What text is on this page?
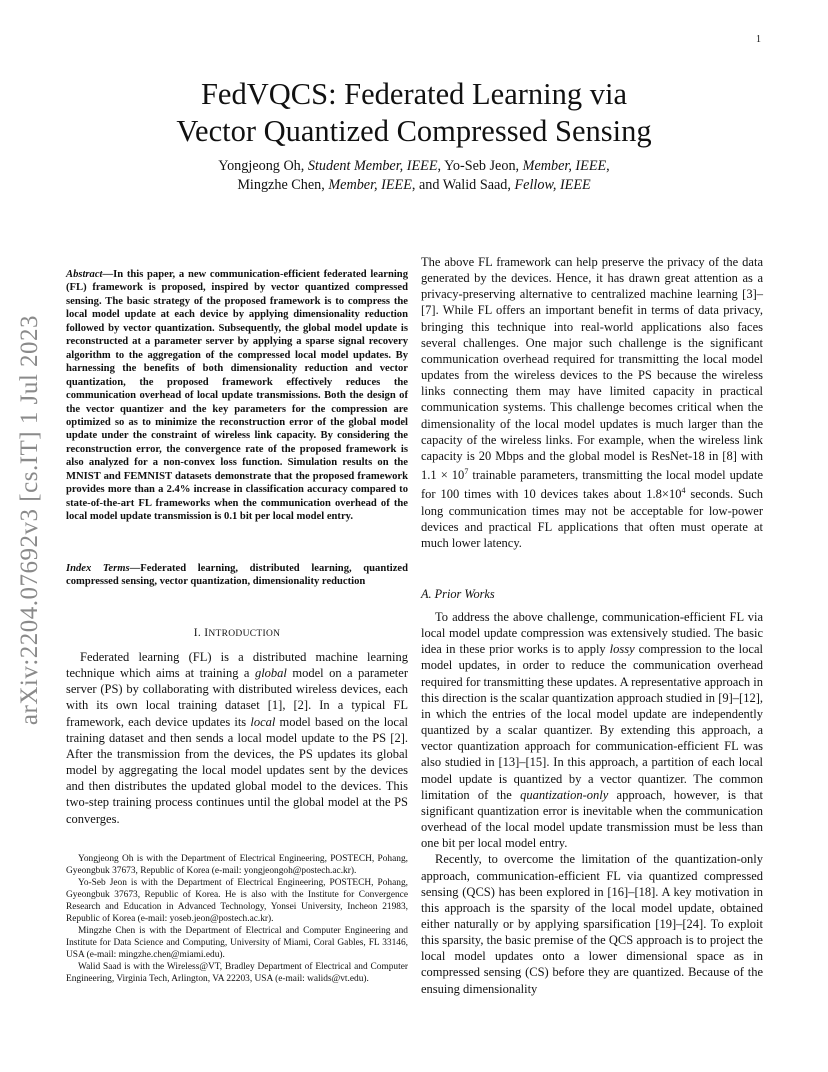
1
arXiv:2204.07692v3 [cs.IT] 1 Jul 2023
FedVQCS: Federated Learning via
Vector Quantized Compressed Sensing
Yongjeong Oh, Student Member, IEEE, Yo-Seb Jeon, Member, IEEE,
Mingzhe Chen, Member, IEEE, and Walid Saad, Fellow, IEEE
Abstract—In this paper, a new communication-efficient federated learning (FL) framework is proposed, inspired by vector quantized compressed sensing. The basic strategy of the proposed framework is to compress the local model update at each device by applying dimensionality reduction followed by vector quantization. Subsequently, the global model update is reconstructed at a parameter server by applying a sparse signal recovery algorithm to the aggregation of the compressed local model updates. By harnessing the benefits of both dimensionality reduction and vector quantization, the proposed framework effectively reduces the communication overhead of local update transmissions. Both the design of the vector quantizer and the key parameters for the compression are optimized so as to minimize the reconstruction error of the global model update under the constraint of wireless link capacity. By considering the reconstruction error, the convergence rate of the proposed framework is also analyzed for a non-convex loss function. Simulation results on the MNIST and FEMNIST datasets demonstrate that the proposed framework provides more than a 2.4% increase in classification accuracy compared to state-of-the-art FL frameworks when the communication overhead of the local model update transmission is 0.1 bit per local model entry.
Index Terms—Federated learning, distributed learning, quantized compressed sensing, vector quantization, dimensionality reduction
I. INTRODUCTION
Federated learning (FL) is a distributed machine learning technique which aims at training a global model on a parameter server (PS) by collaborating with distributed wireless devices, each with its own local training dataset [1], [2]. In a typical FL framework, each device updates its local model based on the local training dataset and then sends a local model update to the PS [2]. After the transmission from the devices, the PS updates its global model by aggregating the local model updates sent by the devices and then distributes the updated global model to the devices. This two-step training process continues until the global model at the PS converges.

Yongjeong Oh is with the Department of Electrical Engineering, POSTECH, Pohang, Gyeongbuk 37673, Republic of Korea (e-mail: yongjeongoh@postech.ac.kr).

Yo-Seb Jeon is with the Department of Electrical Engineering, POSTECH, Pohang, Gyeongbuk 37673, Republic of Korea. He is also with the Institute for Convergence Research and Education in Advanced Technology, Yonsei University, Incheon 21983, Republic of Korea (e-mail: yoseb.jeon@postech.ac.kr).

Mingzhe Chen is with the Department of Electrical and Computer Engineering and Institute for Data Science and Computing, University of Miami, Coral Gables, FL 33146, USA (e-mail: mingzhe.chen@miami.edu).

Walid Saad is with the Wireless@VT, Bradley Department of Electrical and Computer Engineering, Virginia Tech, Arlington, VA 22203, USA (e-mail: walids@vt.edu).

The above FL framework can help preserve the privacy of the data generated by the devices. Hence, it has drawn great attention as a privacy-preserving alternative to centralized machine learning [3]–[7]. While FL offers an important benefit in terms of data privacy, bringing this technique into real-world applications also faces several challenges. One major such challenge is the significant communication overhead required for transmitting the local model updates from the wireless devices to the PS because the wireless links connecting them may have limited capacity in practical communication systems. This challenge becomes critical when the dimensionality of the local model updates is much larger than the capacity of the wireless links. For example, when the wireless link capacity is 20 Mbps and the global model is ResNet-18 in [8] with $1.1 \times 10^7$ trainable parameters, transmitting the local model update for 100 times with 10 devices takes about $1.8\times 10^4$ seconds. Such long communication times may not be acceptable for low-power devices and practical FL applications that often must operate at much lower latency.

A. Prior Works

To address the above challenge, communication-efficient FL via local model update compression was extensively studied. The basic idea in these prior works is to apply lossy compression to the local model updates, in order to reduce the communication overhead required for transmitting these updates. A representative approach in this direction is the scalar quantization approach studied in [9]–[12], in which the entries of the local model update are independently quantized by a scalar quantizer. By extending this approach, a vector quantization approach for communication-efficient FL was also studied in [13]–[15]. In this approach, a partition of each local model update is quantized by a vector quantizer. The common limitation of the quantization-only approach, however, is that significant quantization error is inevitable when the communication overhead of the local model update transmission must be less than one bit per local model entry.

Recently, to overcome the limitation of the quantization-only approach, communication-efficient FL via quantized compressed sensing (QCS) has been explored in [16]–[18]. A key motivation in this approach is the sparsity of the local model update, obtained either naturally or by applying sparsification [19]–[24]. To exploit this sparsity, the basic premise of the QCS approach is to project the local model updates onto a lower dimensional space as in compressed sensing (CS) before they are quantized. Because of the ensuing dimensionality
